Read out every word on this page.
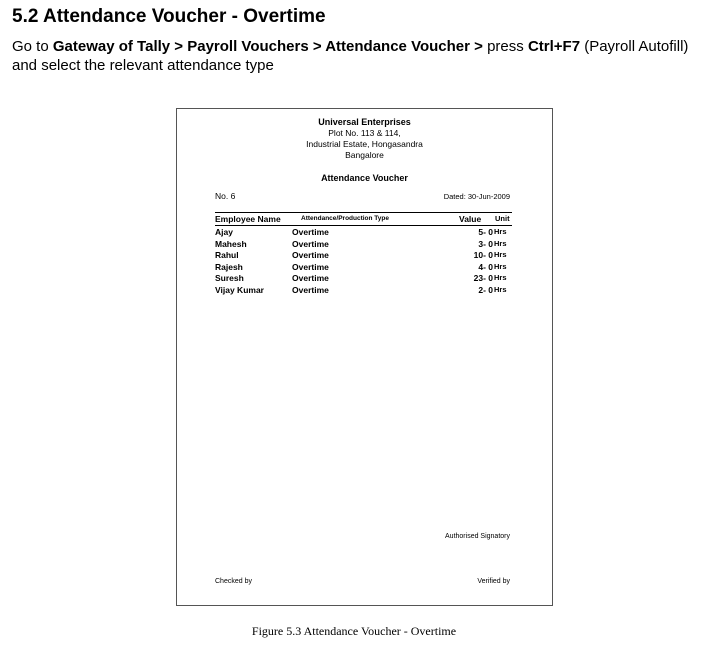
5.2 Attendance Voucher - Overtime
Go to Gateway of Tally > Payroll Vouchers > Attendance Voucher > press Ctrl+F7 (Payroll Autofill) and select the relevant attendance type
Universal Enterprises
Plot No. 113 & 114,
Industrial Estate, Hongasandra
Bangalore
Attendance Voucher
No. 6	Dated: 30-Jun-2009
Employee Name	Attendance/Production Type	Value Unit
Ajay	Overtime	5- 0 Hrs
Mahesh	Overtime	3- 0 Hrs
Rahul	Overtime	10- 0 Hrs
Rajesh	Overtime	4- 0 Hrs
Suresh	Overtime	23- 0 Hrs
Vijay Kumar	Overtime	2- 0 Hrs
Authorised Signatory
Checked by	Verified by
Figure 5.3 Attendance Voucher - Overtime
